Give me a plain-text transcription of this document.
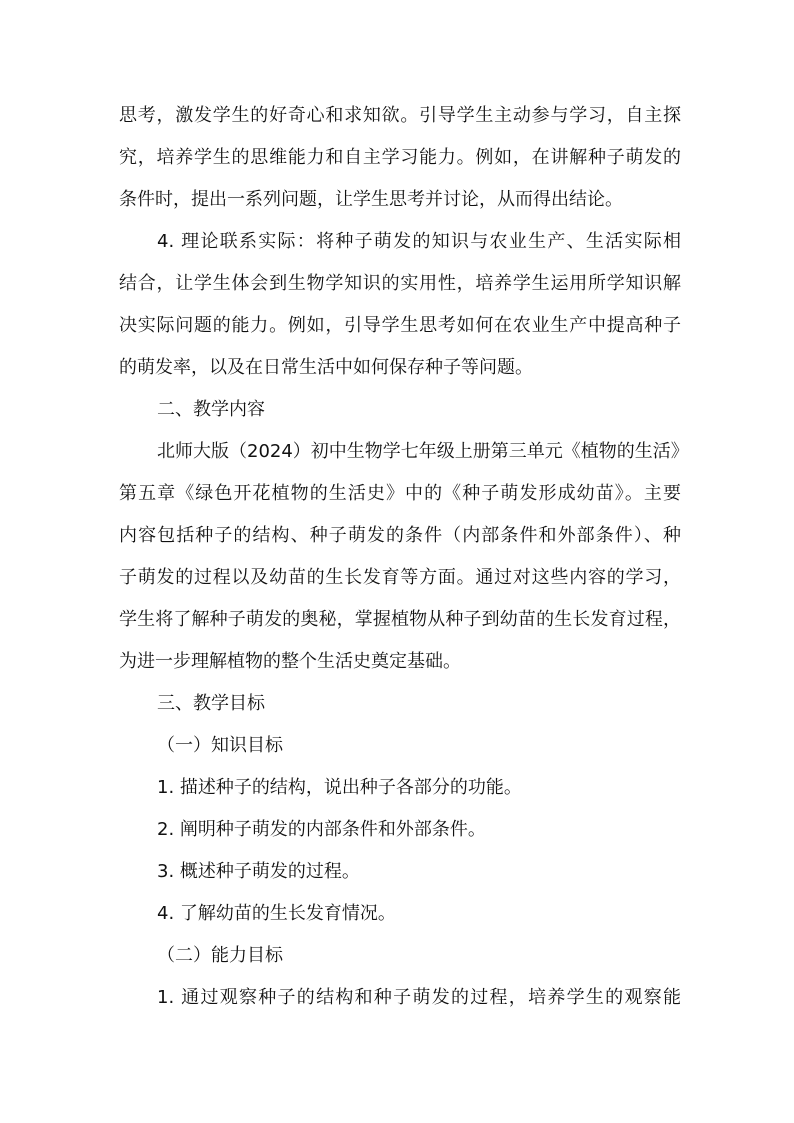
思考，激发学生的好奇心和求知欲。引导学生主动参与学习，自主探
究，培养学生的思维能力和自主学习能力。例如，在讲解种子萌发的
条件时，提出一系列问题，让学生思考并讨论，从而得出结论。
4. 理论联系实际：将种子萌发的知识与农业生产、生活实际相
结合，让学生体会到生物学知识的实用性，培养学生运用所学知识解
决实际问题的能力。例如，引导学生思考如何在农业生产中提高种子
的萌发率，以及在日常生活中如何保存种子等问题。
二、教学内容
北师大版（2024）初中生物学七年级上册第三单元《植物的生活》
第五章《绿色开花植物的生活史》中的《种子萌发形成幼苗》。主要
内容包括种子的结构、种子萌发的条件（内部条件和外部条件）、种
子萌发的过程以及幼苗的生长发育等方面。通过对这些内容的学习，
学生将了解种子萌发的奥秘，掌握植物从种子到幼苗的生长发育过程，
为进一步理解植物的整个生活史奠定基础。
三、教学目标
（一）知识目标
1. 描述种子的结构，说出种子各部分的功能。
2. 阐明种子萌发的内部条件和外部条件。
3. 概述种子萌发的过程。
4. 了解幼苗的生长发育情况。
（二）能力目标
1. 通过观察种子的结构和种子萌发的过程，培养学生的观察能
